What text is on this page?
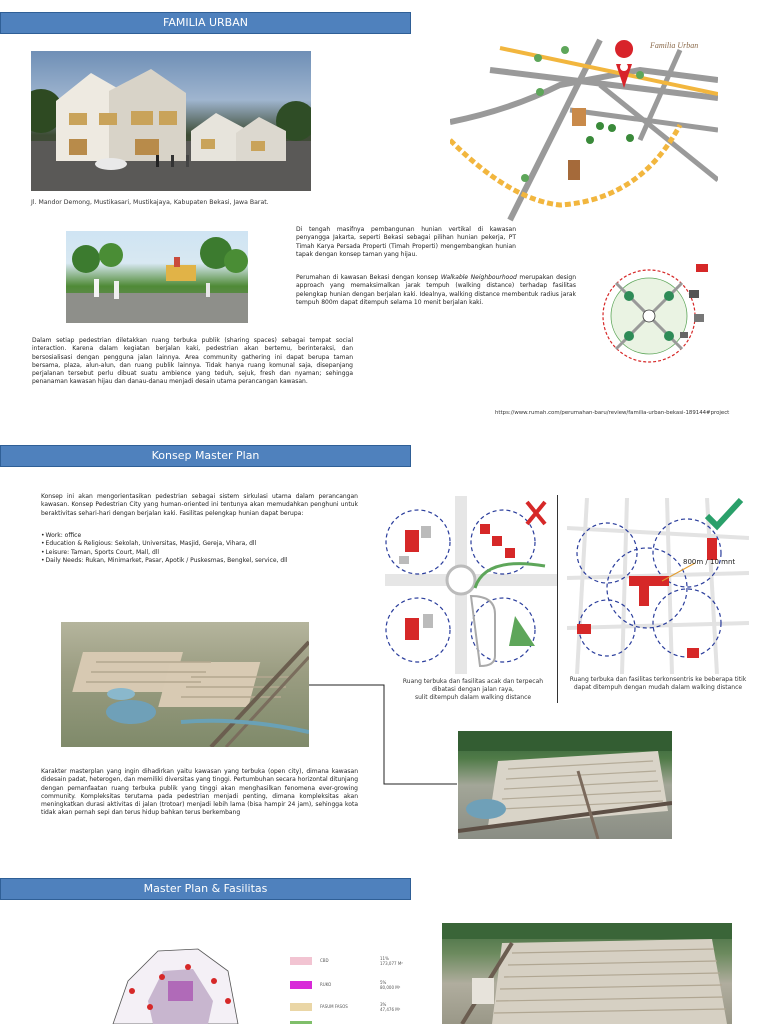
FAMILIA URBAN
Jl. Mandor Demong, Mustikasari, Mustikajaya, Kabupaten Bekasi, Jawa Barat.
Familia Urban

Di tengah masifnya pembangunan hunian vertikal di kawasan penyangga Jakarta, seperti Bekasi sebagai pilihan hunian pekerja, PT Timah Karya Persada Properti (Timah Properti) mengembangkan hunian tapak dengan konsep taman yang hijau.

Perumahan di kawasan Bekasi dengan konsep Walkable Neighbourhood merupakan design approach yang memaksimalkan jarak tempuh (walking distance) terhadap fasilitas pelengkap hunian dengan berjalan kaki. Idealnya, walking distance membentuk radius jarak tempuh 800m dapat ditempuh selama 10 menit berjalan kaki.

Dalam setiap pedestrian diletakkan ruang terbuka publik (sharing spaces) sebagai tempat social interaction. Karena dalam kegiatan berjalan kaki, pedestrian akan bertemu, berinteraksi, dan bersosialisasi dengan pengguna jalan lainnya. Area community gathering ini dapat berupa taman bersama, plaza, alun-alun, dan ruang publik lainnya. Tidak hanya ruang komunal saja, disepanjang perjalanan tersebut perlu dibuat suatu ambience yang teduh, sejuk, fresh dan nyaman; sehingga penanaman kawasan hijau dan danau-danau menjadi desain utama perancangan kawasan.

https://www.rumah.com/perumahan-baru/review/familia-urban-bekasi-189144#project
Konsep Master Plan

Konsep ini akan mengorientasikan pedestrian sebagai sistem sirkulasi utama dalam perancangan kawasan. Konsep Pedestrian City yang human-oriented ini tentunya akan memudahkan penghuni untuk beraktivitas sehari-hari dengan berjalan kaki. Fasilitas pelengkap hunian dapat berupa:

• Work: office
• Education & Religious: Sekolah, Universitas, Masjid, Gereja, Vihara, dll
• Leisure: Taman, Sports Court, Mall, dll
• Daily Needs: Rukan, Minimarket, Pasar, Apotik / Puskesmas, Bengkel, service, dll
Ruang terbuka dan fasilitas acak dan terpecah
dibatasi dengan jalan raya,
sulit ditempuh dalam walking distance
800m / 10 mnt
Ruang terbuka dan fasilitas terkonsentris ke beberapa titik
dapat ditempuh dengan mudah dalam walking distance

Karakter masterplan yang ingin dihadirkan yaitu kawasan yang terbuka (open city), dimana kawasan didesain padat, heterogen, dan memiliki diversitas yang tinggi. Pertumbuhan secara horizontal ditunjang dengan pemanfaatan ruang terbuka publik yang tinggi akan menghasilkan fenomena ever-growing community. Kompleksitas terutama pada pedestrian menjadi penting, dimana kompleksitas akan meningkatkan durasi aktivitas di jalan (trotoar) menjadi lebih lama (bisa hampir 24 jam), sehingga kota tidak akan pernah sepi dan terus hidup bahkan terus berkembang

Master Plan & Fasilitas
CBD	11%
173,077 M²
RUKO	5%
80,000 M²
FASUM FASOS	3%
47,476 M²
